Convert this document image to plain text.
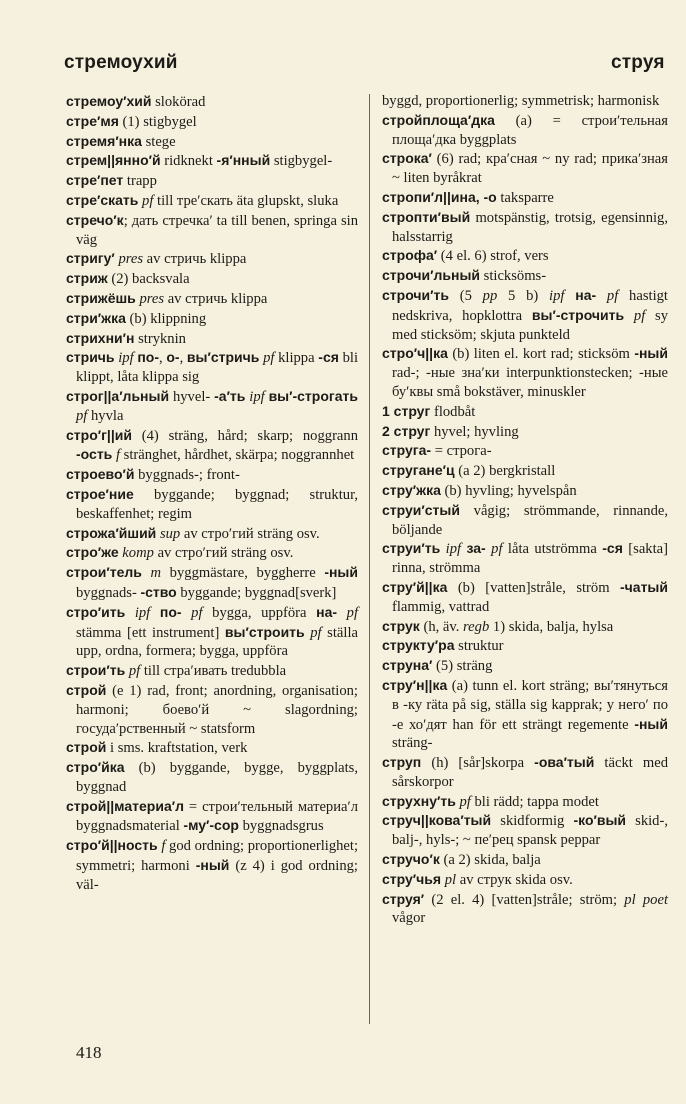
стремоухий	струя
стремоу′хий slokörad
стре′мя (1) stigbygel
стремя′нка stege
стрем||янно′й ridknekt -я′нный stigbygel-
стре′пет trapp
стре′скать pf till тре′скать äta glupskt, sluka
стречо′к; дать стречка′ ta till benen, springa sin väg
стригу′ pres av стричь klippa
стриж (2) backsvala
стрижёшь pres av стричь klippa
стри′жка (b) klippning
стрихни′н stryknin
стричь ipf по-, о-, вы′стричь pf klippa -ся bli klippt, låta klippa sig
строг||а′льный hyvel- -а′ть ipf вы′-строгать pf hyvla
стро′г||ий (4) sträng, hård; skarp; noggrann -ость f stränghet, hårdhet, skärpa; noggrannhet
строево′й byggnads-; front-
строе′ние byggande; byggnad; struktur, beskaffenhet; regim
строжа′йший sup av стро′гий sträng osv.
стро′же komp av стро′гий sträng osv.
строи′тель m byggmästare, byggherre -ный byggnads- -ство byggande; byggnad[sverk]
стро′ить ipf по- pf bygga, uppföra на- pf stämma [ett instrument] вы′строить pf ställa upp, ordna, formera; bygga, uppföra
строи′ть pf till стра′ивать tredubbla
строй (e 1) rad, front; anordning, organisation; harmoni; боево′й ~ slagordning; госуда′рственный ~ statsform
строй i sms. kraftstation, verk
стро′йка (b) byggande, bygge, byggplats, byggnad
строй||материа′л = строи′тельный материа′л byggnadsmaterial -му′-сор byggnadsgrus
стро′й||ность f god ordning; proportionerlighet; symmetri; harmoni -ный (z 4) i god ordning; väl-
byggd, proportionerlig; symmetrisk; harmonisk
стройплоща′дка (a) = строи′тельная площа′дка byggplats
строка′ (6) rad; кра′сная ~ ny rad; прика′зная ~ liten byråkrat
стропи′л||ина, -о taksparre
стропти′вый motspänstig, trotsig, egensinnig, halsstarrig
строфа′ (4 el. 6) strof, vers
строчи′льный sticksöms-
строчи′ть (5 pp 5 b) ipf на- pf hastigt nedskriva, hopklottra вы′-строчить pf sy med sticksöm; skjuta punkteld
стро′ч||ка (b) liten el. kort rad; sticksöm -ный rad-; -ные зна′ки interpunktionstecken; -ные бу′квы små bokstäver, minuskler
1 струг flodbåt
2 струг hyvel; hyvling
струга- = строга-
стругане′ц (a 2) bergkristall
стру′жка (b) hyvling; hyvelspån
струи′стый vågig; strömmande, rinnande, böljande
струи′ть ipf за- pf låta utströmma -ся [sakta] rinna, strömma
стру′й||ка (b) [vatten]stråle, ström -чатый flammig, vattrad
струк (h, äv. regb 1) skida, balja, hylsa
структу′ра struktur
струна′ (5) sträng
стру′н||ка (a) tunn el. kort sträng; вы′тянуться в -ку räta på sig, ställa sig kapprak; у него′ по -е хо′дят han för ett strängt regemente -ный sträng-
струп (h) [sår]skorpa -ова′тый täckt med sårskorpor
струхну′ть pf bli rädd; tappa modet
струч||кова′тый skidformig -ко′вый skid-, balj-, hyls-; ~ пе′рец spansk peppar
стручо′к (a 2) skida, balja
стру′чья pl av струк skida osv.
струя′ (2 el. 4) [vatten]stråle; ström; pl poet vågor
418
